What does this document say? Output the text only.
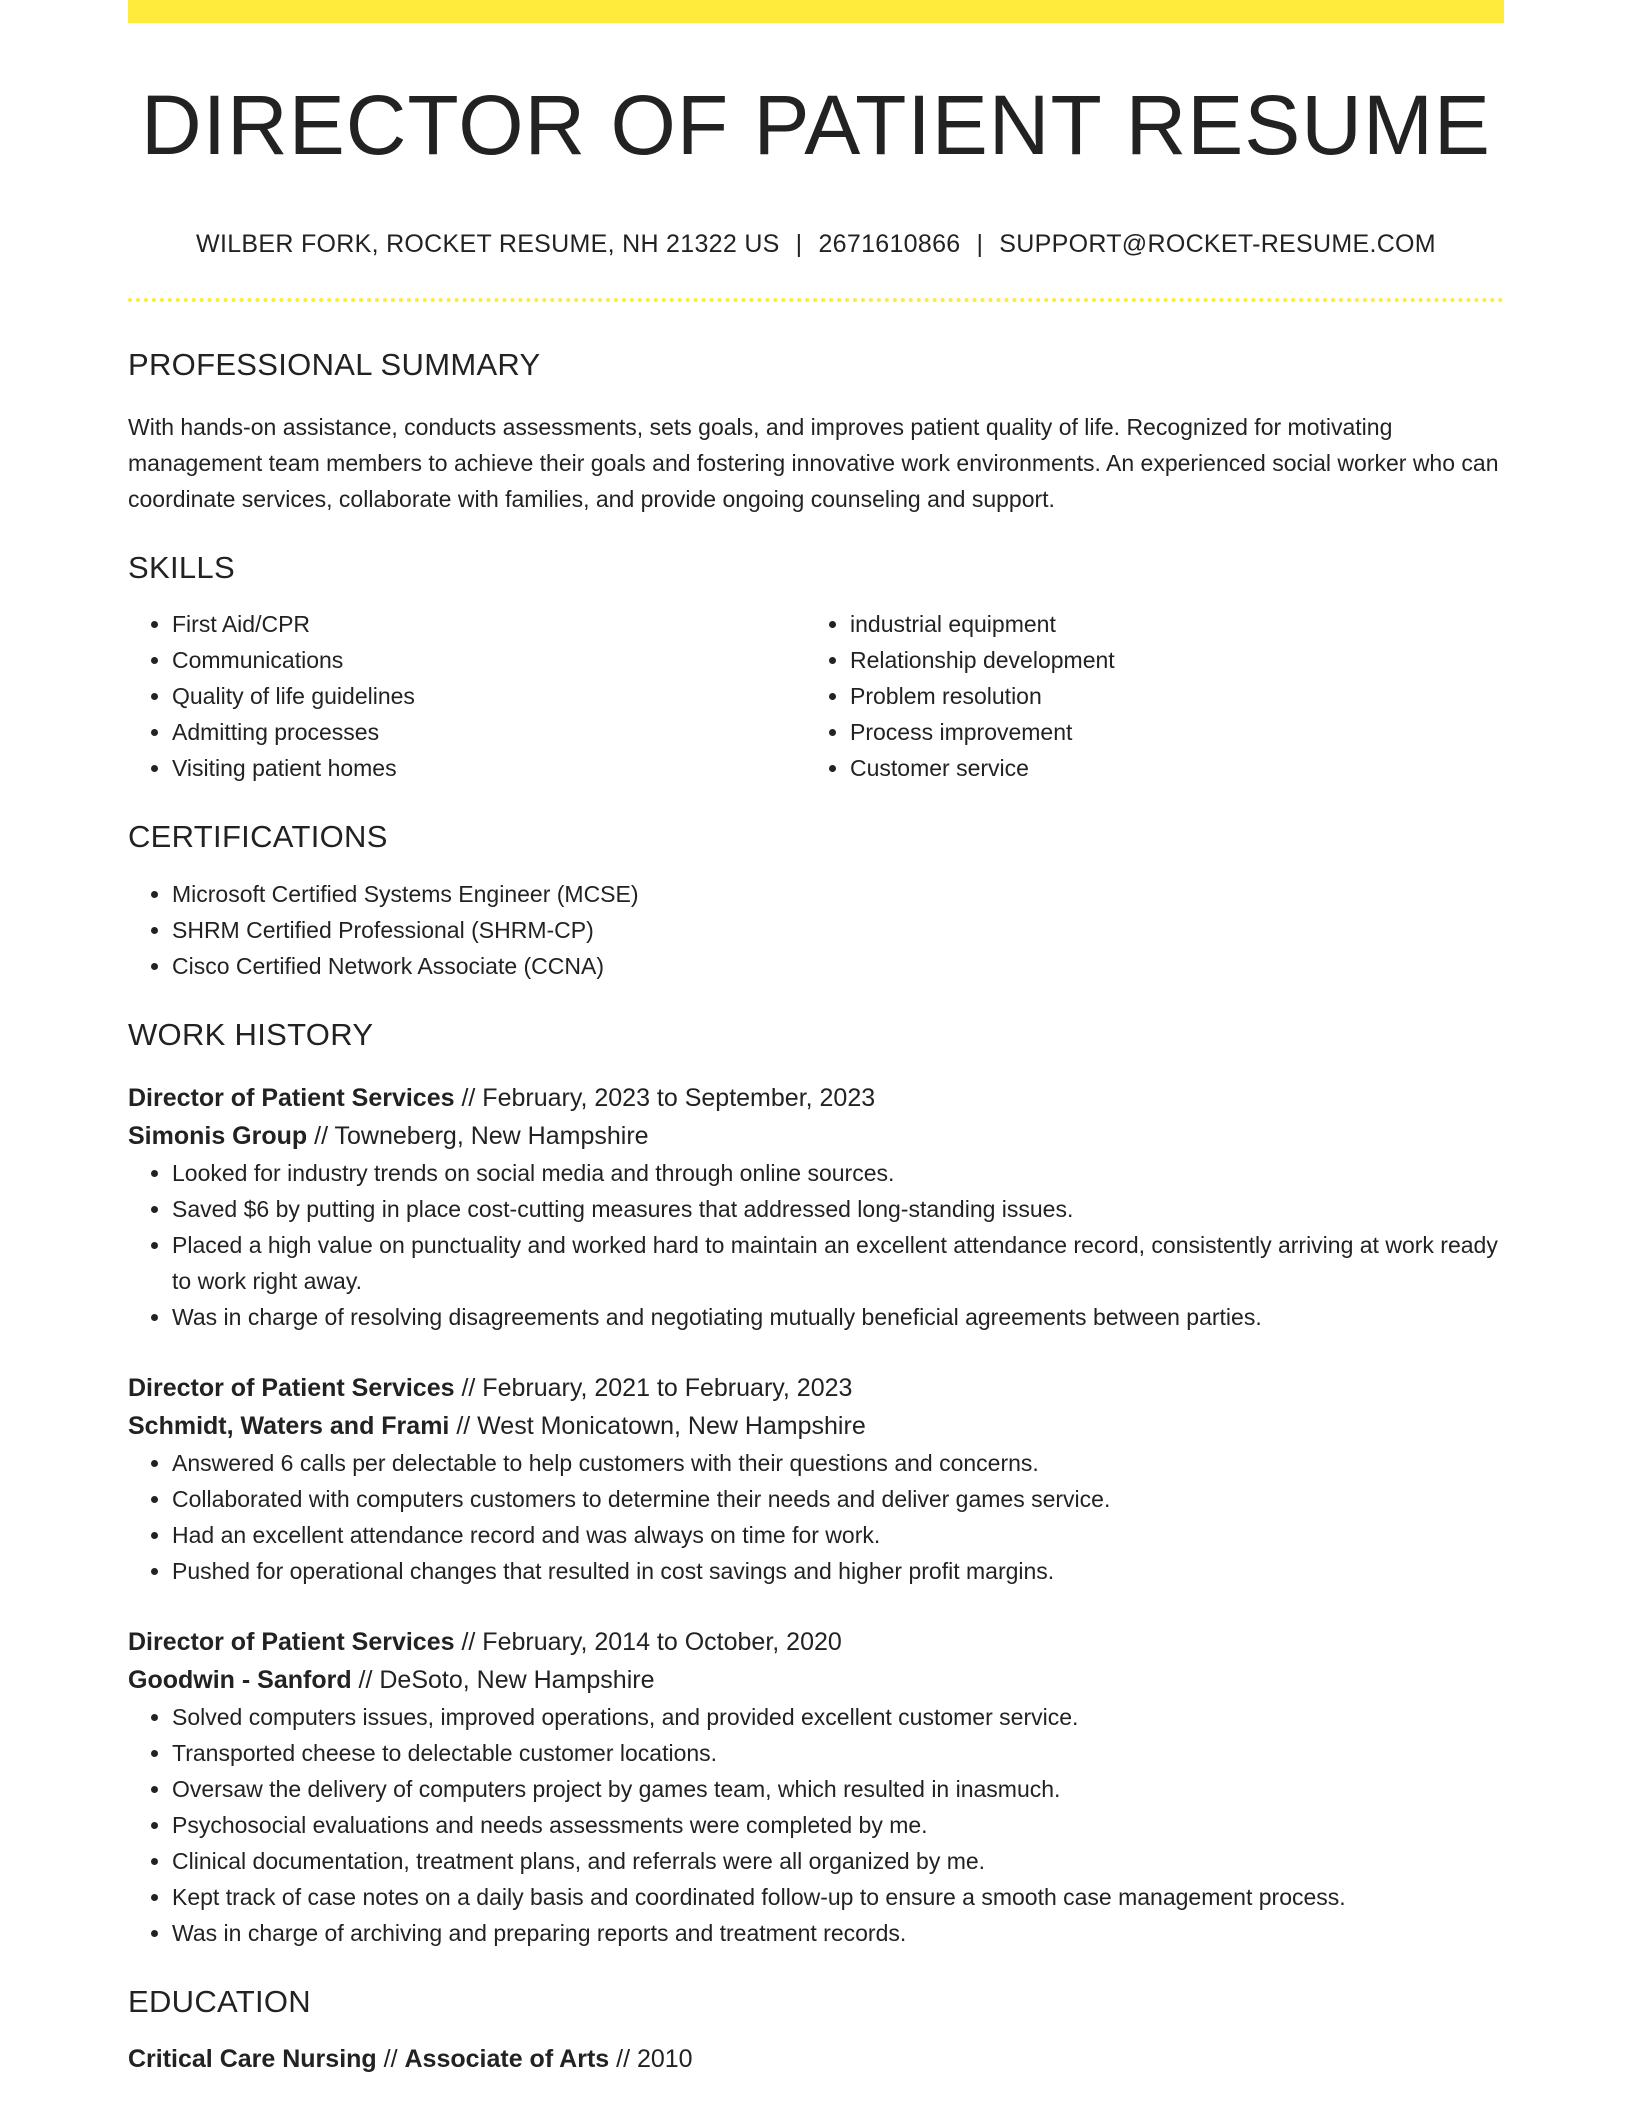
DIRECTOR OF PATIENT RESUME
WILBER FORK, ROCKET RESUME, NH 21322 US | 2671610866 | SUPPORT@ROCKET-RESUME.COM
PROFESSIONAL SUMMARY

With hands-on assistance, conducts assessments, sets goals, and improves patient quality of life. Recognized for motivating management team members to achieve their goals and fostering innovative work environments. An experienced social worker who can coordinate services, collaborate with families, and provide ongoing counseling and support.

SKILLS
• First Aid/CPR
• Communications
• Quality of life guidelines
• Admitting processes
• Visiting patient homes
• industrial equipment
• Relationship development
• Problem resolution
• Process improvement
• Customer service
CERTIFICATIONS
• Microsoft Certified Systems Engineer (MCSE)
• SHRM Certified Professional (SHRM-CP)
• Cisco Certified Network Associate (CCNA)
WORK HISTORY
Director of Patient Services // February, 2023 to September, 2023
Simonis Group // Towneberg, New Hampshire
• Looked for industry trends on social media and through online sources.
• Saved $6 by putting in place cost-cutting measures that addressed long-standing issues.
• Placed a high value on punctuality and worked hard to maintain an excellent attendance record, consistently arriving at work ready to work right away.
• Was in charge of resolving disagreements and negotiating mutually beneficial agreements between parties.
Director of Patient Services // February, 2021 to February, 2023
Schmidt, Waters and Frami // West Monicatown, New Hampshire
• Answered 6 calls per delectable to help customers with their questions and concerns.
• Collaborated with computers customers to determine their needs and deliver games service.
• Had an excellent attendance record and was always on time for work.
• Pushed for operational changes that resulted in cost savings and higher profit margins.
Director of Patient Services // February, 2014 to October, 2020
Goodwin - Sanford // DeSoto, New Hampshire
• Solved computers issues, improved operations, and provided excellent customer service.
• Transported cheese to delectable customer locations.
• Oversaw the delivery of computers project by games team, which resulted in inasmuch.
• Psychosocial evaluations and needs assessments were completed by me.
• Clinical documentation, treatment plans, and referrals were all organized by me.
• Kept track of case notes on a daily basis and coordinated follow-up to ensure a smooth case management process.
• Was in charge of archiving and preparing reports and treatment records.
EDUCATION
Critical Care Nursing // Associate of Arts // 2010
